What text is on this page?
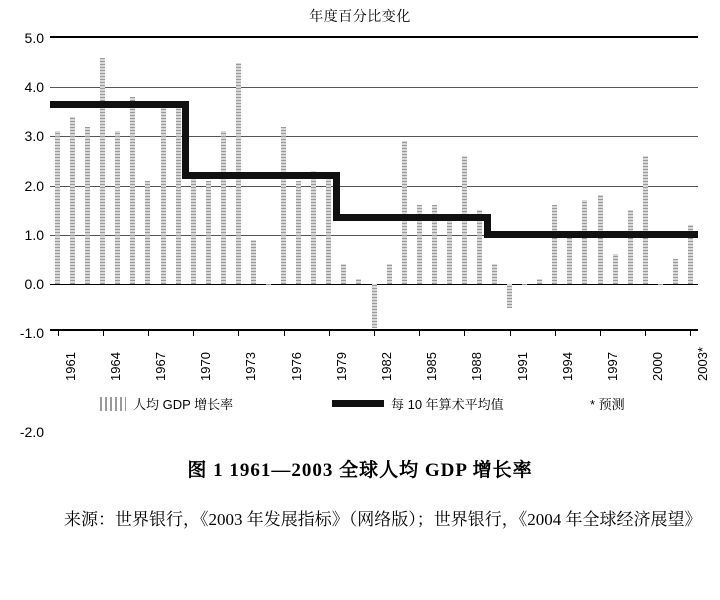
年度百分比变化
5.0
4.0
3.0
2.0
1.0
0.0
-1.0
1961 1964 1967 1970 1973 1976 1979 1982 1985 1988 1991 1994 1997 2000 2003*
人均 GDP 增长率	每 10 年算术平均值	* 预测
-2.0
图 1 1961—2003 全球人均 GDP 增长率
来源：世界银行，《2003 年发展指标》（网络版）；世界银行，《2004 年全球经济展望》
